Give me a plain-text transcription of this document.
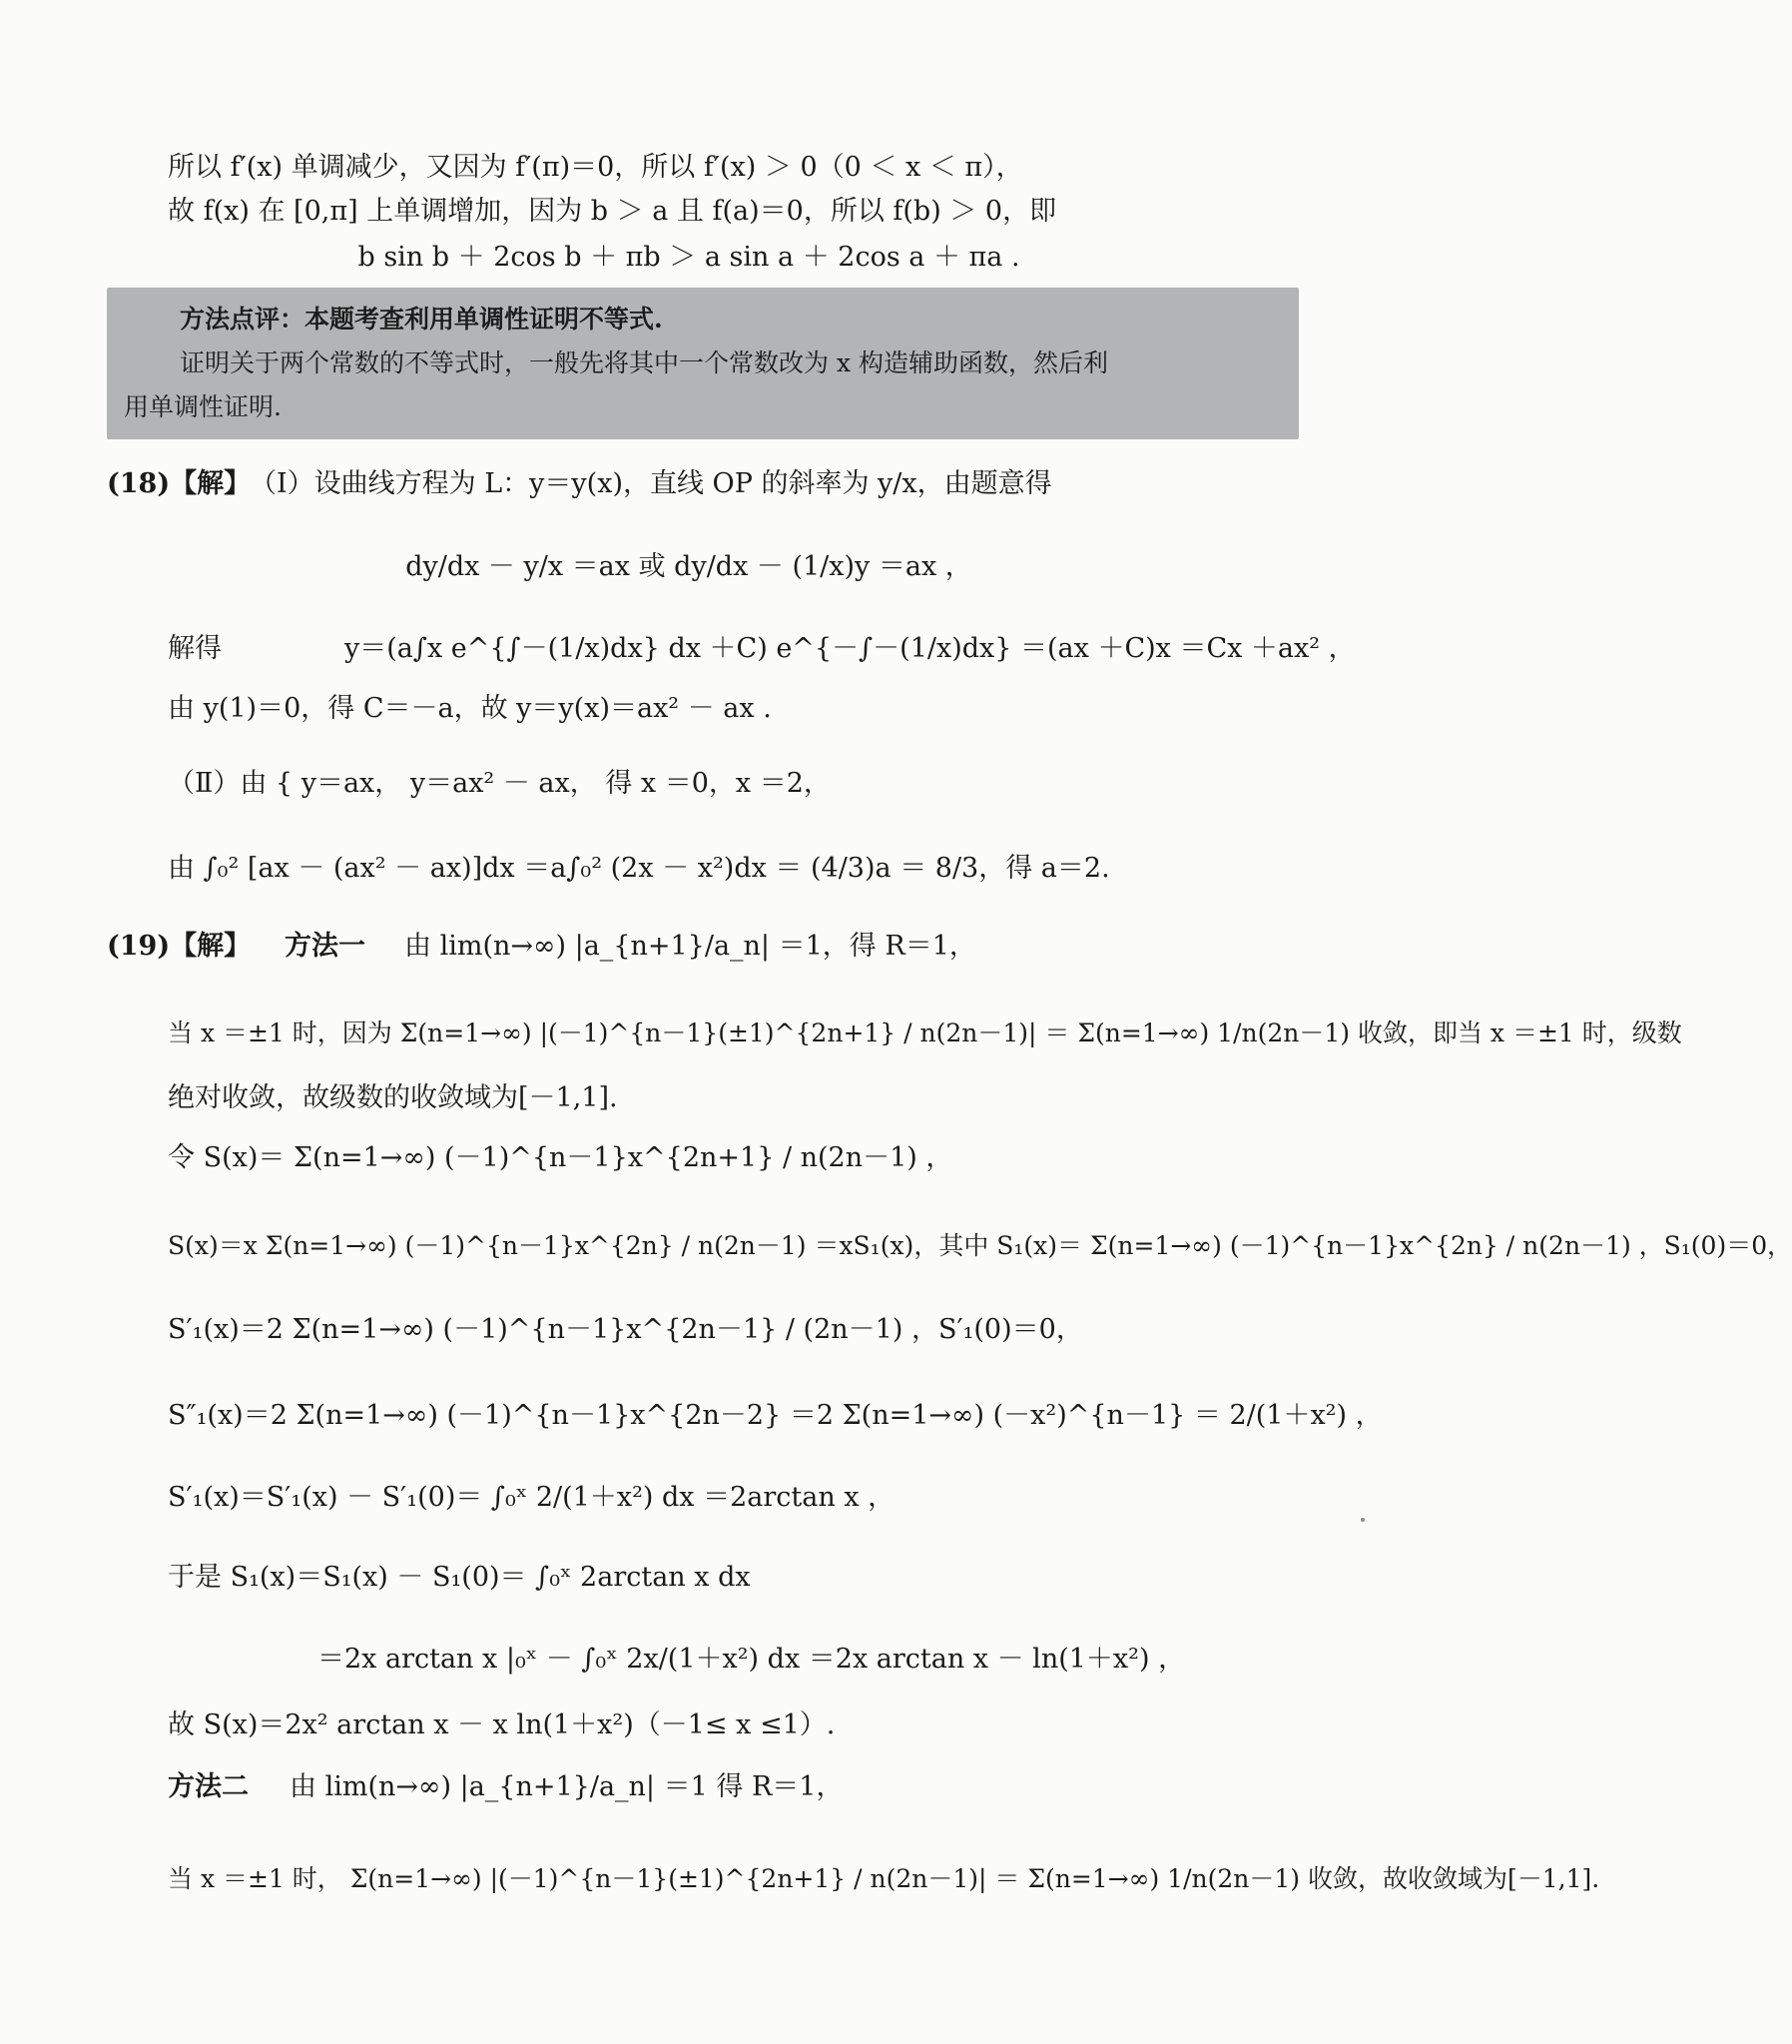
所以 f′(x) 单调减少，又因为 f′(π)＝0，所以 f′(x) ＞ 0（0 ＜ x ＜ π），
故 f(x) 在 [0,π] 上单调增加，因为 b ＞ a 且 f(a)＝0，所以 f(b) ＞ 0，即
b sin b ＋ 2cos b ＋ πb ＞ a sin a ＋ 2cos a ＋ πa .
方法点评：本题考查利用单调性证明不等式.
证明关于两个常数的不等式时，一般先将其中一个常数改为 x 构造辅助函数，然后利
用单调性证明.
(18)【解】
（Ⅰ）设曲线方程为 L：y＝y(x)，直线 OP 的斜率为 y/x，由题意得
dy/dx － y/x ＝ax 或 dy/dx － (1/x)y ＝ax ，
解得	y＝(a∫x e^{∫－(1/x)dx} dx ＋C) e^{－∫－(1/x)dx} ＝(ax ＋C)x ＝Cx ＋ax² ，
由 y(1)＝0，得 C＝－a，故 y＝y(x)＝ax² － ax .
（Ⅱ）由 { y＝ax， y＝ax² － ax， 得 x ＝0，x ＝2，
由 ∫₀² [ax － (ax² － ax)]dx ＝a∫₀² (2x － x²)dx ＝ (4/3)a ＝ 8/3，得 a＝2.
(19)【解】 方法一 由 lim(n→∞) |a_{n+1}/a_n| ＝1，得 R＝1，
当 x ＝±1 时，因为 Σ(n=1→∞) |(－1)^{n－1}(±1)^{2n+1} / n(2n－1)| ＝ Σ(n=1→∞) 1/n(2n－1) 收敛，即当 x ＝±1 时，级数
绝对收敛，故级数的收敛域为[－1,1].
令 S(x)＝ Σ(n=1→∞) (－1)^{n－1}x^{2n+1} / n(2n－1) ，
S(x)＝x Σ(n=1→∞) (－1)^{n－1}x^{2n} / n(2n－1) ＝xS₁(x)，其中 S₁(x)＝ Σ(n=1→∞) (－1)^{n－1}x^{2n} / n(2n－1) ，S₁(0)＝0，
S′₁(x)＝2 Σ(n=1→∞) (－1)^{n－1}x^{2n－1} / (2n－1) ，S′₁(0)＝0，
S″₁(x)＝2 Σ(n=1→∞) (－1)^{n－1}x^{2n－2} ＝2 Σ(n=1→∞) (－x²)^{n－1} ＝ 2/(1＋x²) ，
S′₁(x)＝S′₁(x) － S′₁(0)＝ ∫₀ˣ 2/(1＋x²) dx ＝2arctan x ，
于是 S₁(x)＝S₁(x) － S₁(0)＝ ∫₀ˣ 2arctan x dx
＝2x arctan x |₀ˣ － ∫₀ˣ 2x/(1＋x²) dx ＝2x arctan x － ln(1＋x²) ，
故 S(x)＝2x² arctan x － x ln(1＋x²)（－1≤ x ≤1）.
方法二 由 lim(n→∞) |a_{n+1}/a_n| ＝1 得 R＝1，
当 x ＝±1 时， Σ(n=1→∞) |(－1)^{n－1}(±1)^{2n+1} / n(2n－1)| ＝ Σ(n=1→∞) 1/n(2n－1) 收敛，故收敛域为[－1,1].
